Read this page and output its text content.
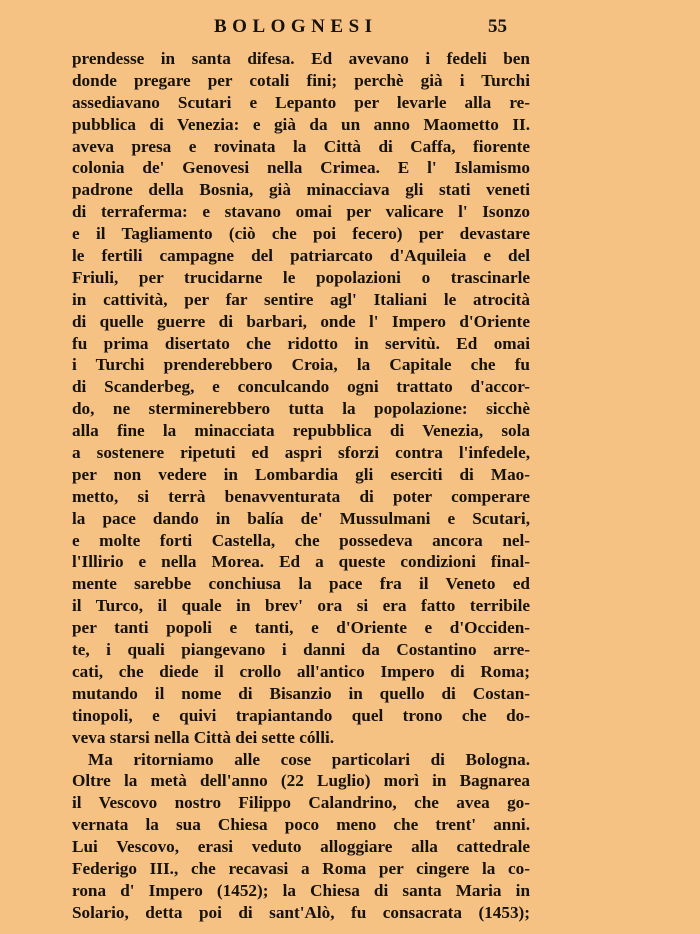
BOLOGNESI	55
prendesse in santa difesa. Ed avevano i fedeli ben
donde pregare per cotali fini; perchè già i Turchi
assediavano Scutari e Lepanto per levarle alla re-
pubblica di Venezia: e già da un anno Maometto II.
aveva presa e rovinata la Città di Caffa, fiorente
colonia de' Genovesi nella Crimea. E l' Islamismo
padrone della Bosnia, già minacciava gli stati veneti
di terraferma: e stavano omai per valicare l' Isonzo
e il Tagliamento (ciò che poi fecero) per devastare
le fertili campagne del patriarcato d'Aquileia e del
Friuli, per trucidarne le popolazioni o trascinarle
in cattività, per far sentire agl' Italiani le atrocità
di quelle guerre di barbari, onde l' Impero d'Oriente
fu prima disertato che ridotto in servitù. Ed omai
i Turchi prenderebbero Croia, la Capitale che fu
di Scanderbeg, e conculcando ogni trattato d'accor-
do, ne sterminerebbero tutta la popolazione: sicchè
alla fine la minacciata repubblica di Venezia, sola
a sostenere ripetuti ed aspri sforzi contra l'infedele,
per non vedere in Lombardia gli eserciti di Mao-
metto, si terrà benavventurata di poter comperare
la pace dando in balía de' Mussulmani e Scutari,
e molte forti Castella, che possedeva ancora nel-
l'Illirio e nella Morea. Ed a queste condizioni final-
mente sarebbe conchiusa la pace fra il Veneto ed
il Turco, il quale in brev' ora si era fatto terribile
per tanti popoli e tanti, e d'Oriente e d'Occiden-
te, i quali piangevano i danni da Costantino arre-
cati, che diede il crollo all'antico Impero di Roma;
mutando il nome di Bisanzio in quello di Costan-
tinopoli, e quivi trapiantando quel trono che do-
veva starsi nella Città dei sette cólli.
Ma ritorniamo alle cose particolari di Bologna.
Oltre la metà dell'anno (22 Luglio) morì in Bagnarea
il Vescovo nostro Filippo Calandrino, che avea go-
vernata la sua Chiesa poco meno che trent' anni.
Lui Vescovo, erasi veduto alloggiare alla cattedrale
Federigo III., che recavasi a Roma per cingere la co-
rona d' Impero (1452); la Chiesa di santa Maria in
Solario, detta poi di sant'Alò, fu consacrata (1453);
